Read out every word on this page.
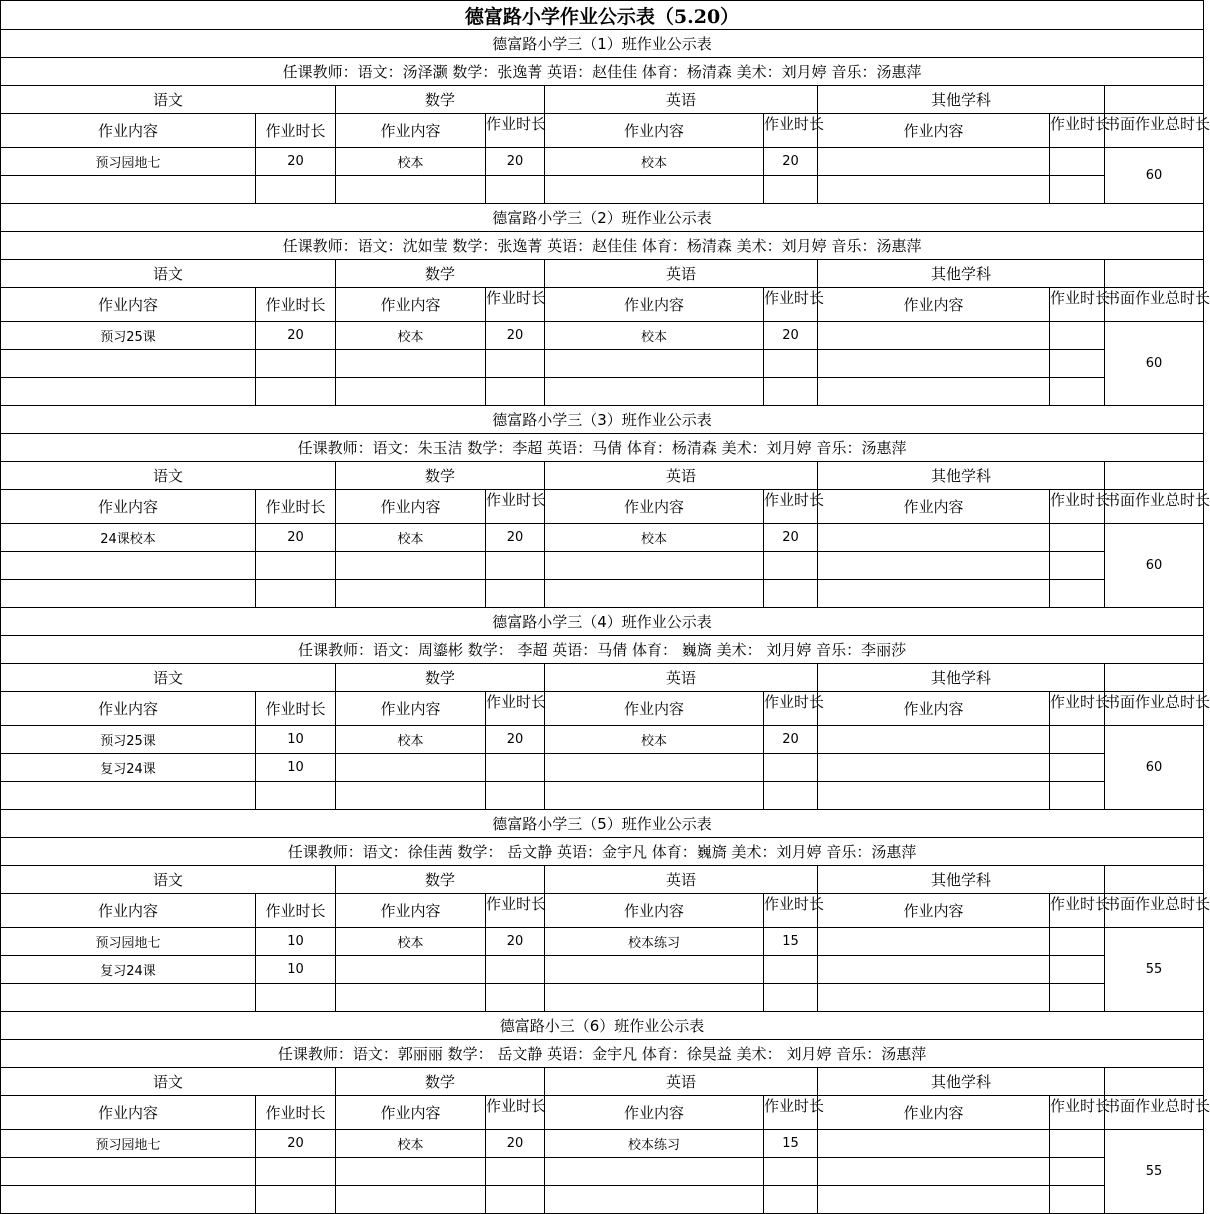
德富路小学作业公示表（5.20）								
德富路小学三（1）班作业公示表								
任课教师：语文：汤泽灏 数学：张逸菁 英语：赵佳佳 体育：杨清森 美术：刘月婷 音乐：汤惠萍								
语文		数学		英语		其他学科		
作业内容	作业时长	作业内容	作业时长	作业内容	作业时长	作业内容	作业时长	书面作业总时长

预习园地七	20	校本	20	校本	20			60

德富路小学三（2）班作业公示表								
任课教师：语文：沈如莹 数学：张逸菁 英语：赵佳佳 体育：杨清森 美术：刘月婷 音乐：汤惠萍								
语文		数学		英语		其他学科		
作业内容	作业时长	作业内容	作业时长	作业内容	作业时长	作业内容	作业时长	书面作业总时长

预习25课	20	校本	20	校本	20			60

德富路小学三（3）班作业公示表								
任课教师：语文：朱玉洁 数学：李超 英语：马倩 体育：杨清森 美术：刘月婷 音乐：汤惠萍								
语文		数学		英语		其他学科		
作业内容	作业时长	作业内容	作业时长	作业内容	作业时长	作业内容	作业时长	书面作业总时长

24课校本	20	校本	20	校本	20			60

德富路小学三（4）班作业公示表								
任课教师：语文：周鎏彬 数学： 李超 英语：马倩 体育： 巍旖 美术： 刘月婷 音乐：李丽莎								
语文		数学		英语		其他学科		
作业内容	作业时长	作业内容	作业时长	作业内容	作业时长	作业内容	作业时长	书面作业总时长

预习25课	10	校本	20	校本	20			60
复习24课	10							

德富路小学三（5）班作业公示表								
任课教师：语文：徐佳茜 数学： 岳文静 英语：金宇凡 体育：巍旖 美术：刘月婷 音乐：汤惠萍								
语文		数学		英语		其他学科		
作业内容	作业时长	作业内容	作业时长	作业内容	作业时长	作业内容	作业时长	书面作业总时长

预习园地七	10	校本	20	校本练习	15			55
复习24课	10							

德富路小三（6）班作业公示表								
任课教师：语文：郭丽丽 数学： 岳文静 英语：金宇凡 体育：徐昊益 美术： 刘月婷 音乐：汤惠萍								
语文		数学		英语		其他学科		
作业内容	作业时长	作业内容	作业时长	作业内容	作业时长	作业内容	作业时长	书面作业总时长

预习园地七	20	校本	20	校本练习	15			55
